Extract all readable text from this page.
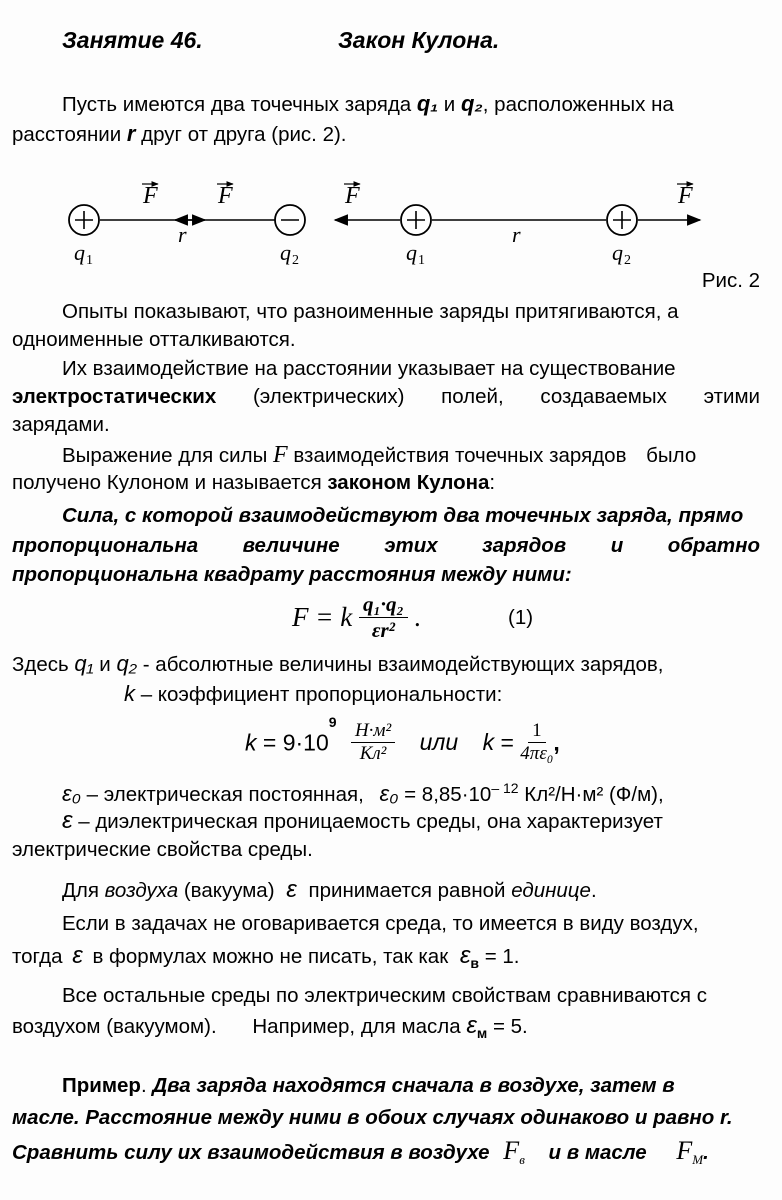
Занятие 46.	Закон Кулона.
Пусть имеются два точечных заряда q₁ и q₂, расположенных на
расстоянии r друг от друга (рис. 2).
F	F
r
q 1	q 2
F	F
r
q 1	q 2
Рис. 2
Опыты показывают, что разноименные заряды притягиваются, а
одноименные отталкиваются.
Их взаимодействие на расстоянии указывает на существование
электростатических (электрических) полей, создаваемых этими
зарядами.
Выражение для силы F взаимодействия точечных зарядов было
получено Кулоном и называется законом Кулона:
Сила, с которой взаимодействуют два точечных заряда, прямо
пропорциональна величине этих зарядов и обратно
пропорциональна квадрату расстояния между ними:
F = k $\frac{\text{q₁·q₂}}{\text{εr²}}$ .	(1)
Здесь q₁ и q₂ - абсолютные величины взаимодействующих зарядов,
k – коэффициент пропорциональности:
$k = 9\cdot 10^9 \frac{\text{Н·м²}}{\text{Кл²}}$ или $k = \frac{1}{\text{4πε₀}}$ ,
ε₀ – электрическая постоянная, $\varepsilon_0 = 8,85\cdot 10^{- 12}$ Кл²/Н·м² (Ф/м),
ε – диэлектрическая проницаемость среды, она характеризует
электрические свойства среды.
Для воздуха (вакуума) ε принимается равной единице.
Если в задачах не оговаривается среда, то имеется в виду воздух,
тогда ε в формулах можно не писать, так как $\varepsilon_в = 1$.
Все остальные среды по электрическим свойствам сравниваются с
воздухом (вакуумом). Например, для масла $\varepsilon_м = 5$.
Пример. Два заряда находятся сначала в воздухе, затем в
масле. Расстояние между ними в обоих случаях одинаково и равно r.
Сравнить силу их взаимодействия в воздухе $F_в$ и в масле $F_M$.
